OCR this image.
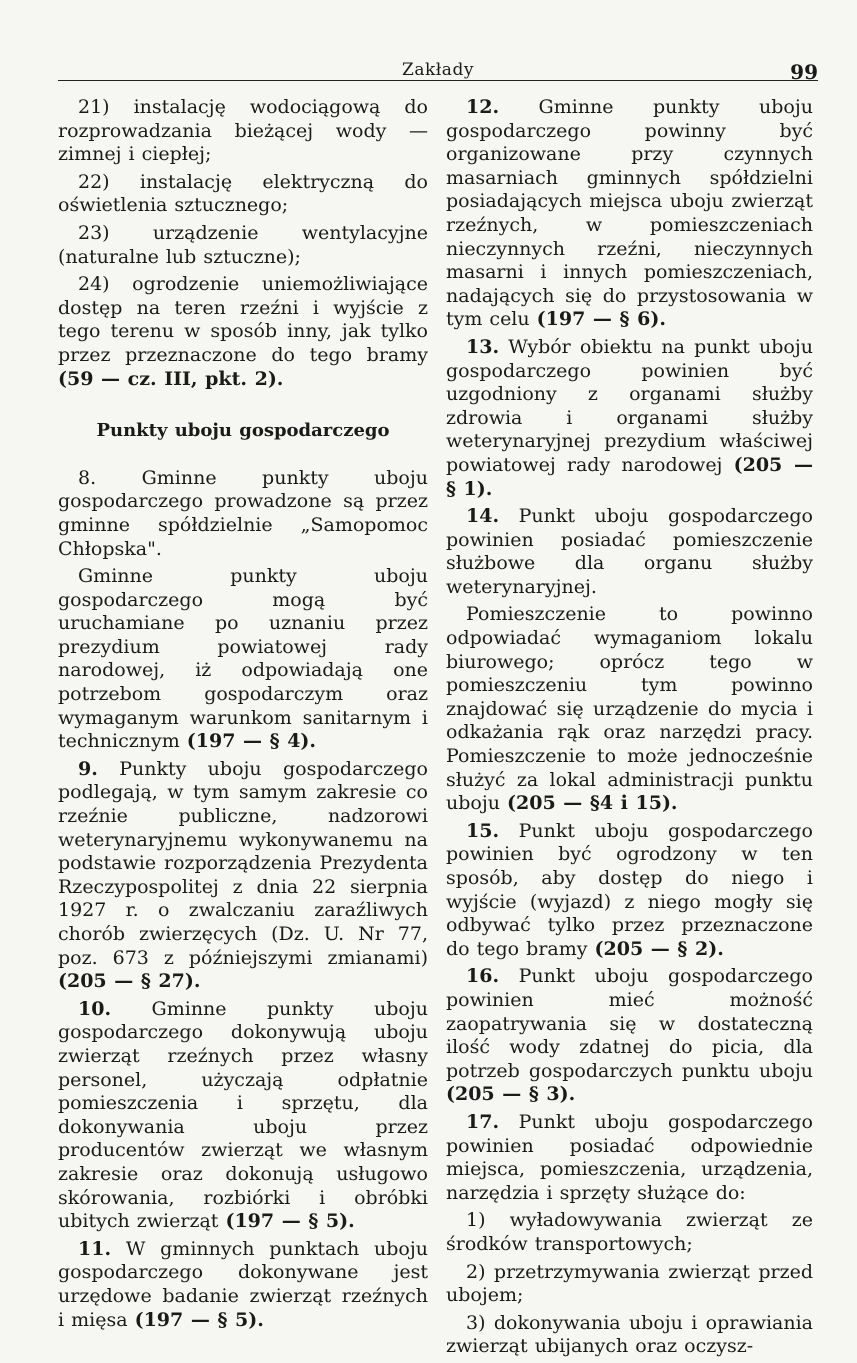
Zakłady	99

21) instalację wodociągową do rozprowadzania bieżącej wody — zimnej i ciepłej;

22) instalację elektryczną do oświetlenia sztucznego;

23) urządzenie wentylacyjne (naturalne lub sztuczne);

24) ogrodzenie uniemożliwiające dostęp na teren rzeźni i wyjście z tego terenu w sposób inny, jak tylko przez przeznaczone do tego bramy (59 — cz. III, pkt. 2).

Punkty uboju gospodarczego

8. Gminne punkty uboju gospodarczego prowadzone są przez gminne spółdzielnie „Samopomoc Chłopska".

Gminne punkty uboju gospodarczego mogą być uruchamiane po uznaniu przez prezydium powiatowej rady narodowej, iż odpowiadają one potrzebom gospodarczym oraz wymaganym warunkom sanitarnym i technicznym (197 — § 4).

9. Punkty uboju gospodarczego podlegają, w tym samym zakresie co rzeźnie publiczne, nadzorowi weterynaryjnemu wykonywanemu na podstawie rozporządzenia Prezydenta Rzeczypospolitej z dnia 22 sierpnia 1927 r. o zwalczaniu zaraźliwych chorób zwierzęcych (Dz. U. Nr 77, poz. 673 z późniejszymi zmianami) (205 — § 27).

10. Gminne punkty uboju gospodarczego dokonywują uboju zwierząt rzeźnych przez własny personel, użyczają odpłatnie pomieszczenia i sprzętu, dla dokonywania uboju przez producentów zwierząt we własnym zakresie oraz dokonują usługowo skórowania, rozbiórki i obróbki ubitych zwierząt (197 — § 5).

11. W gminnych punktach uboju gospodarczego dokonywane jest urzędowe badanie zwierząt rzeźnych i mięsa (197 — § 5).

12. Gminne punkty uboju gospodarczego powinny być organizowane przy czynnych masarniach gminnych spółdzielni posiadających miejsca uboju zwierząt rzeźnych, w pomieszczeniach nieczynnych rzeźni, nieczynnych masarni i innych pomieszczeniach, nadających się do przystosowania w tym celu (197 — § 6).

13. Wybór obiektu na punkt uboju gospodarczego powinien być uzgodniony z organami służby zdrowia i organami służby weterynaryjnej prezydium właściwej powiatowej rady narodowej (205 — § 1).

14. Punkt uboju gospodarczego powinien posiadać pomieszczenie służbowe dla organu służby weterynaryjnej.

Pomieszczenie to powinno odpowiadać wymaganiom lokalu biurowego; oprócz tego w pomieszczeniu tym powinno znajdować się urządzenie do mycia i odkażania rąk oraz narzędzi pracy. Pomieszczenie to może jednocześnie służyć za lokal administracji punktu uboju (205 — §4 i 15).

15. Punkt uboju gospodarczego powinien być ogrodzony w ten sposób, aby dostęp do niego i wyjście (wyjazd) z niego mogły się odbywać tylko przez przeznaczone do tego bramy (205 — § 2).

16. Punkt uboju gospodarczego powinien mieć możność zaopatrywania się w dostateczną ilość wody zdatnej do picia, dla potrzeb gospodarczych punktu uboju (205 — § 3).

17. Punkt uboju gospodarczego powinien posiadać odpowiednie miejsca, pomieszczenia, urządzenia, narzędzia i sprzęty służące do:

1) wyładowywania zwierząt ze środków transportowych;

2) przetrzymywania zwierząt przed ubojem;

3) dokonywania uboju i oprawiania zwierząt ubijanych oraz oczysz-
